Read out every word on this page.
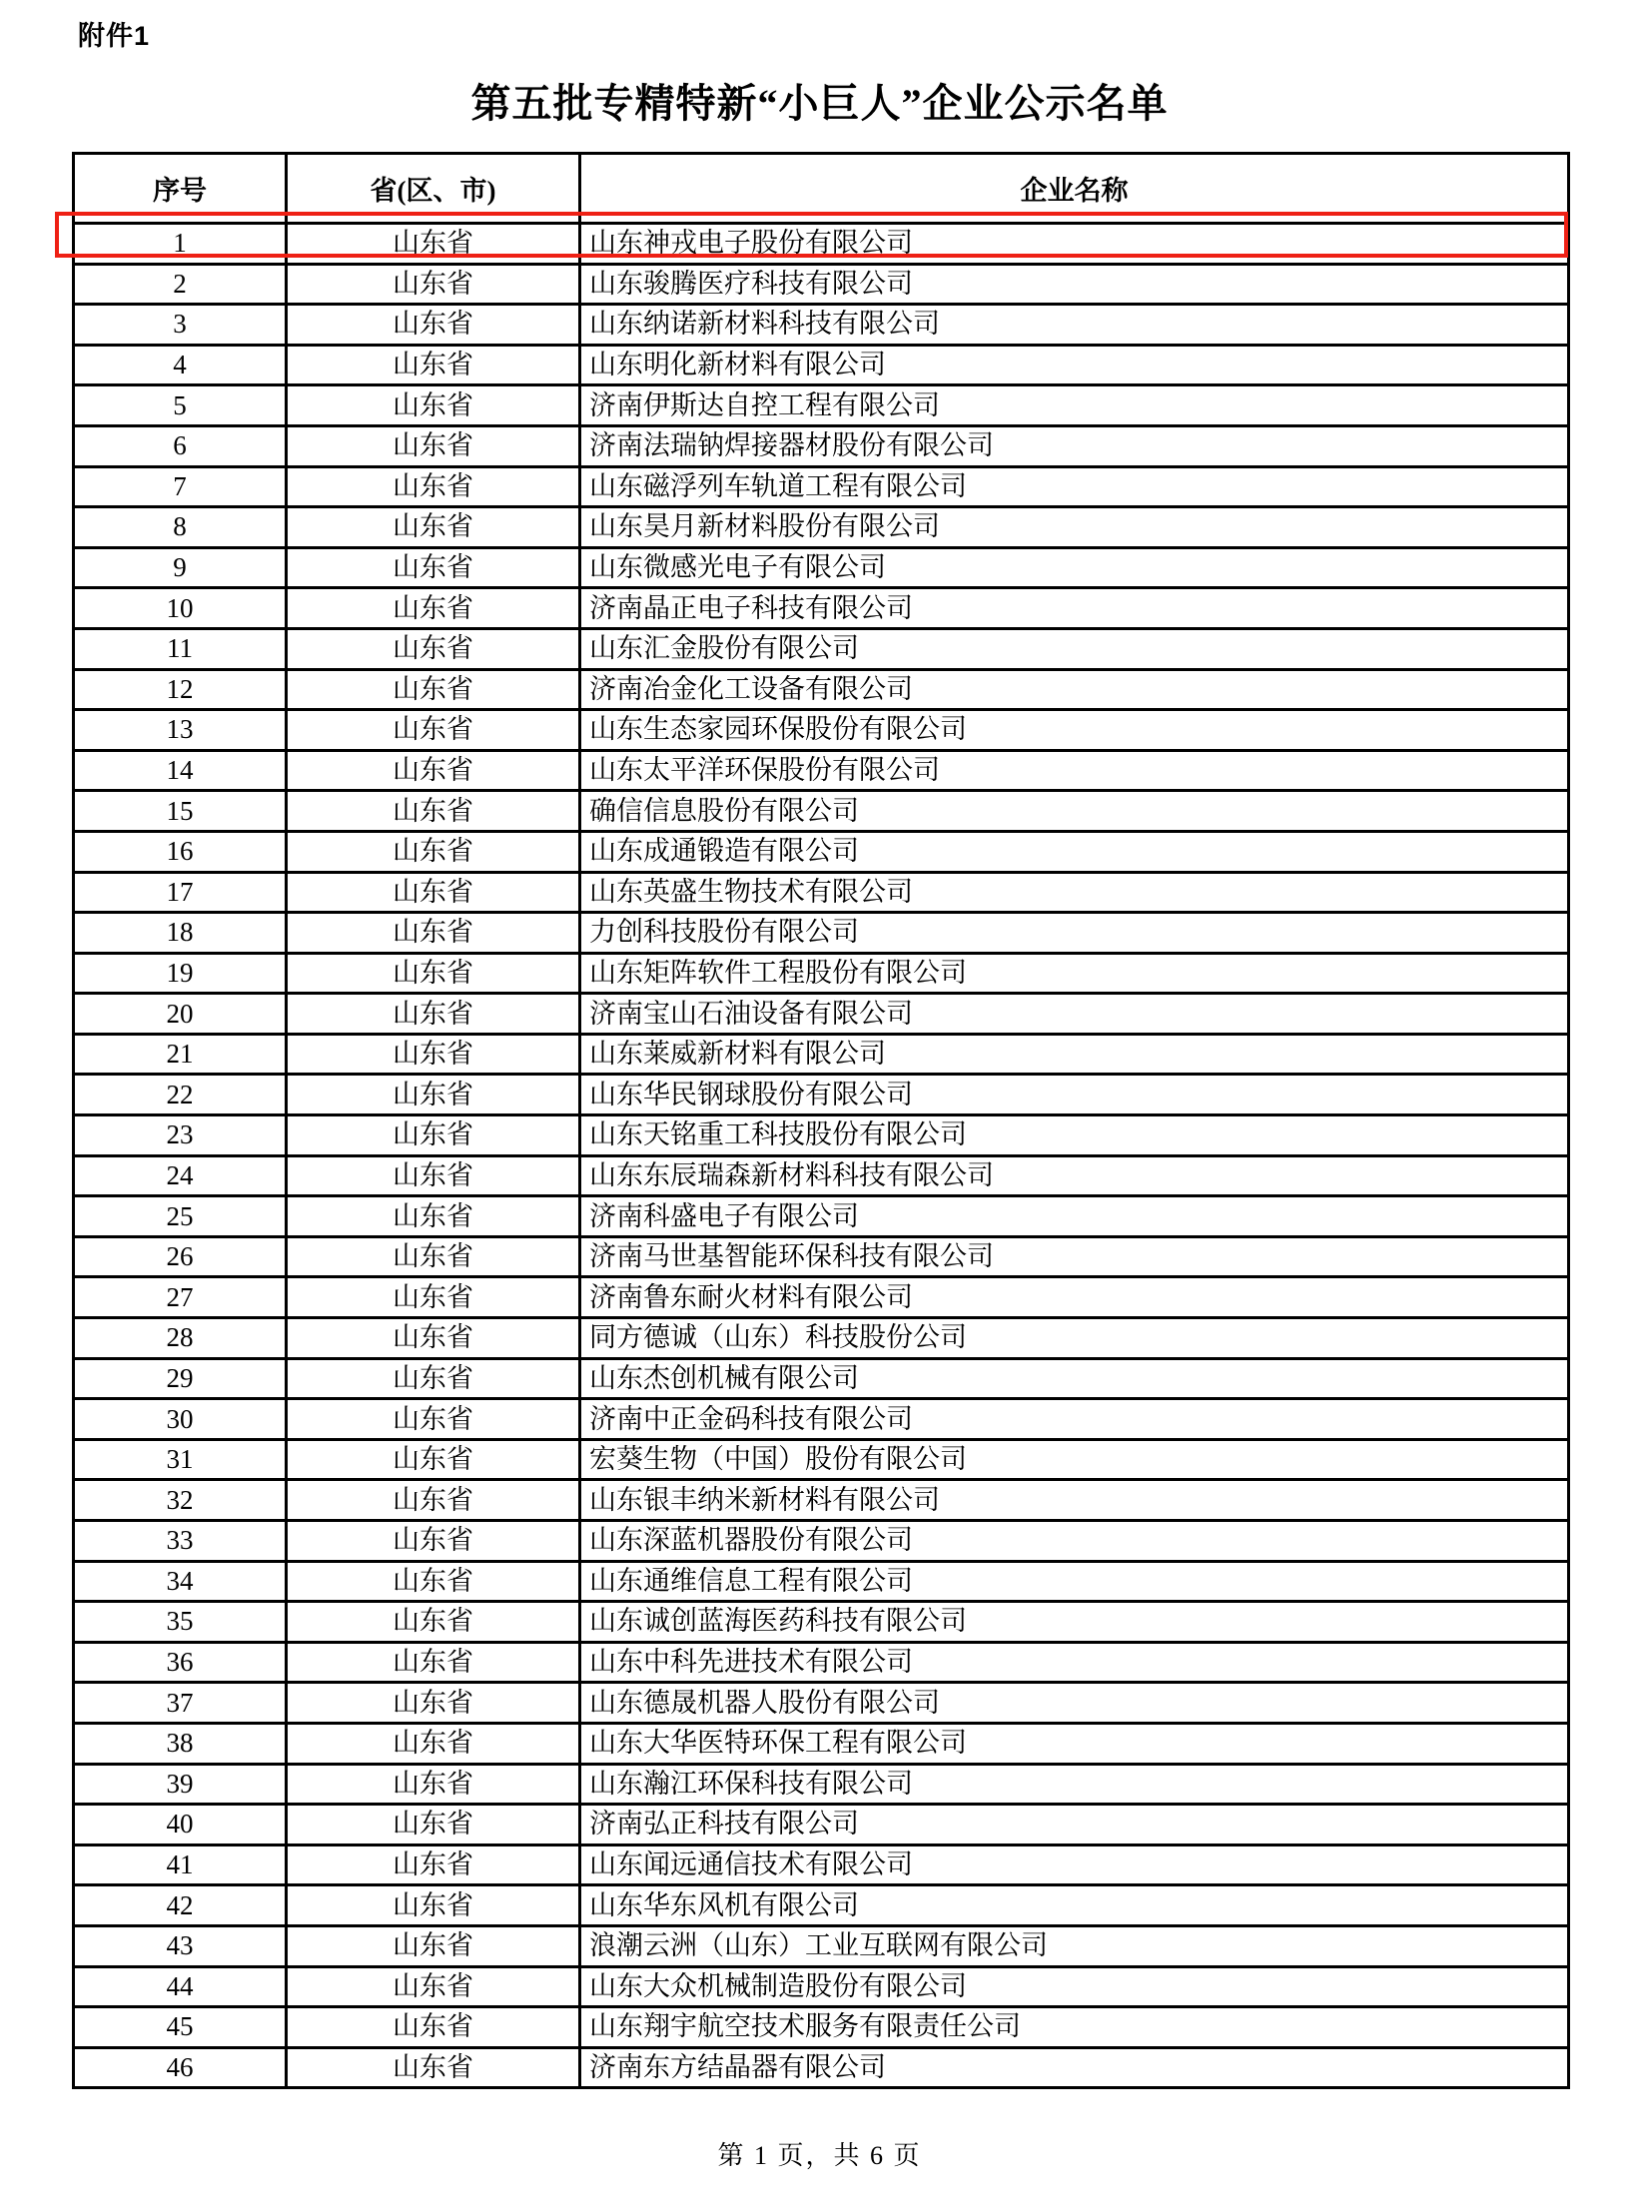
附件1
第五批专精特新“小巨人”企业公示名单
序号	省(区、市)	企业名称
1	山东省	山东神戎电子股份有限公司
2	山东省	山东骏腾医疗科技有限公司
3	山东省	山东纳诺新材料科技有限公司
4	山东省	山东明化新材料有限公司
5	山东省	济南伊斯达自控工程有限公司
6	山东省	济南法瑞钠焊接器材股份有限公司
7	山东省	山东磁浮列车轨道工程有限公司
8	山东省	山东昊月新材料股份有限公司
9	山东省	山东微感光电子有限公司
10	山东省	济南晶正电子科技有限公司
11	山东省	山东汇金股份有限公司
12	山东省	济南冶金化工设备有限公司
13	山东省	山东生态家园环保股份有限公司
14	山东省	山东太平洋环保股份有限公司
15	山东省	确信信息股份有限公司
16	山东省	山东成通锻造有限公司
17	山东省	山东英盛生物技术有限公司
18	山东省	力创科技股份有限公司
19	山东省	山东矩阵软件工程股份有限公司
20	山东省	济南宝山石油设备有限公司
21	山东省	山东莱威新材料有限公司
22	山东省	山东华民钢球股份有限公司
23	山东省	山东天铭重工科技股份有限公司
24	山东省	山东东辰瑞森新材料科技有限公司
25	山东省	济南科盛电子有限公司
26	山东省	济南马世基智能环保科技有限公司
27	山东省	济南鲁东耐火材料有限公司
28	山东省	同方德诚（山东）科技股份公司
29	山东省	山东杰创机械有限公司
30	山东省	济南中正金码科技有限公司
31	山东省	宏葵生物（中国）股份有限公司
32	山东省	山东银丰纳米新材料有限公司
33	山东省	山东深蓝机器股份有限公司
34	山东省	山东通维信息工程有限公司
35	山东省	山东诚创蓝海医药科技有限公司
36	山东省	山东中科先进技术有限公司
37	山东省	山东德晟机器人股份有限公司
38	山东省	山东大华医特环保工程有限公司
39	山东省	山东瀚江环保科技有限公司
40	山东省	济南弘正科技有限公司
41	山东省	山东闻远通信技术有限公司
42	山东省	山东华东风机有限公司
43	山东省	浪潮云洲（山东）工业互联网有限公司
44	山东省	山东大众机械制造股份有限公司
45	山东省	山东翔宇航空技术服务有限责任公司
46	山东省	济南东方结晶器有限公司
第 1 页，共 6 页
